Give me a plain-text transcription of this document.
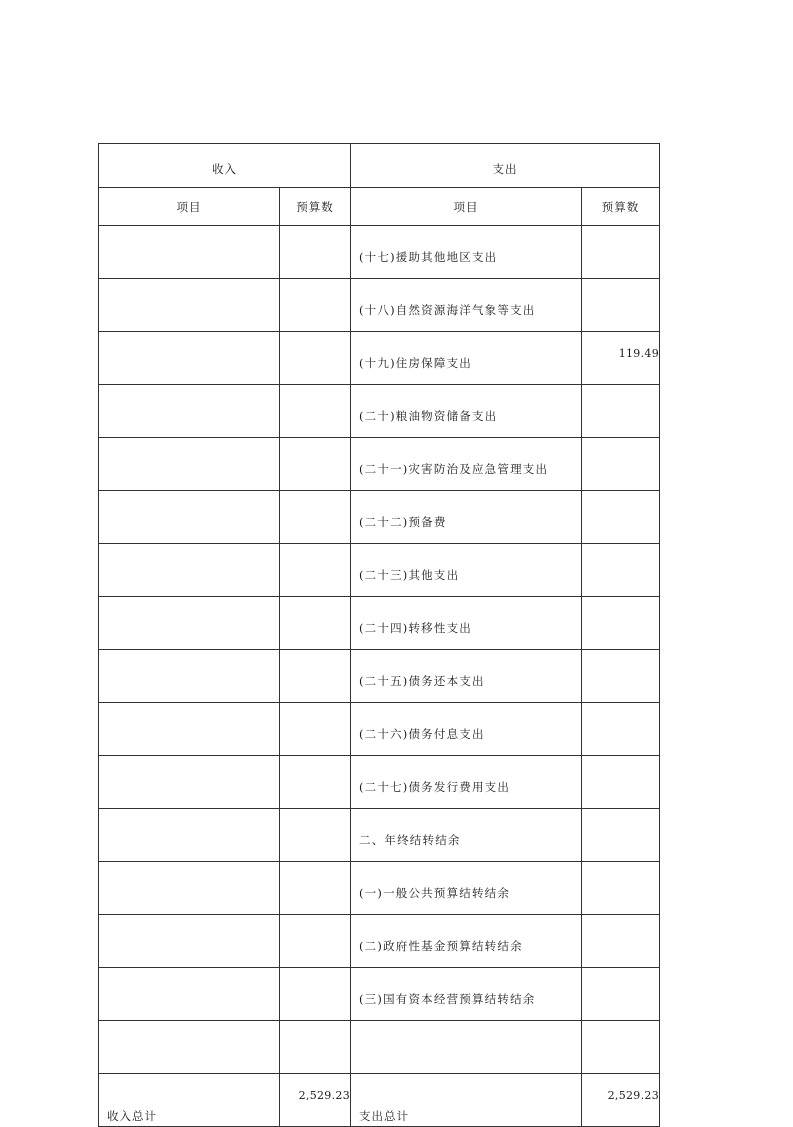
收入		支出	
项目	预算数	项目	预算数
		(十七)援助其他地区支出	
		(十八)自然资源海洋气象等支出	
		(十九)住房保障支出	119.49
		(二十)粮油物资储备支出	
		(二十一)灾害防治及应急管理支出	
		(二十二)预备费	
		(二十三)其他支出	
		(二十四)转移性支出	
		(二十五)债务还本支出	
		(二十六)债务付息支出	
		(二十七)债务发行费用支出	
		二、年终结转结余	
		(一)一般公共预算结转结余	
		(二)政府性基金预算结转结余	
		(三)国有资本经营预算结转结余	

收入总计	2,529.23	支出总计	2,529.23
